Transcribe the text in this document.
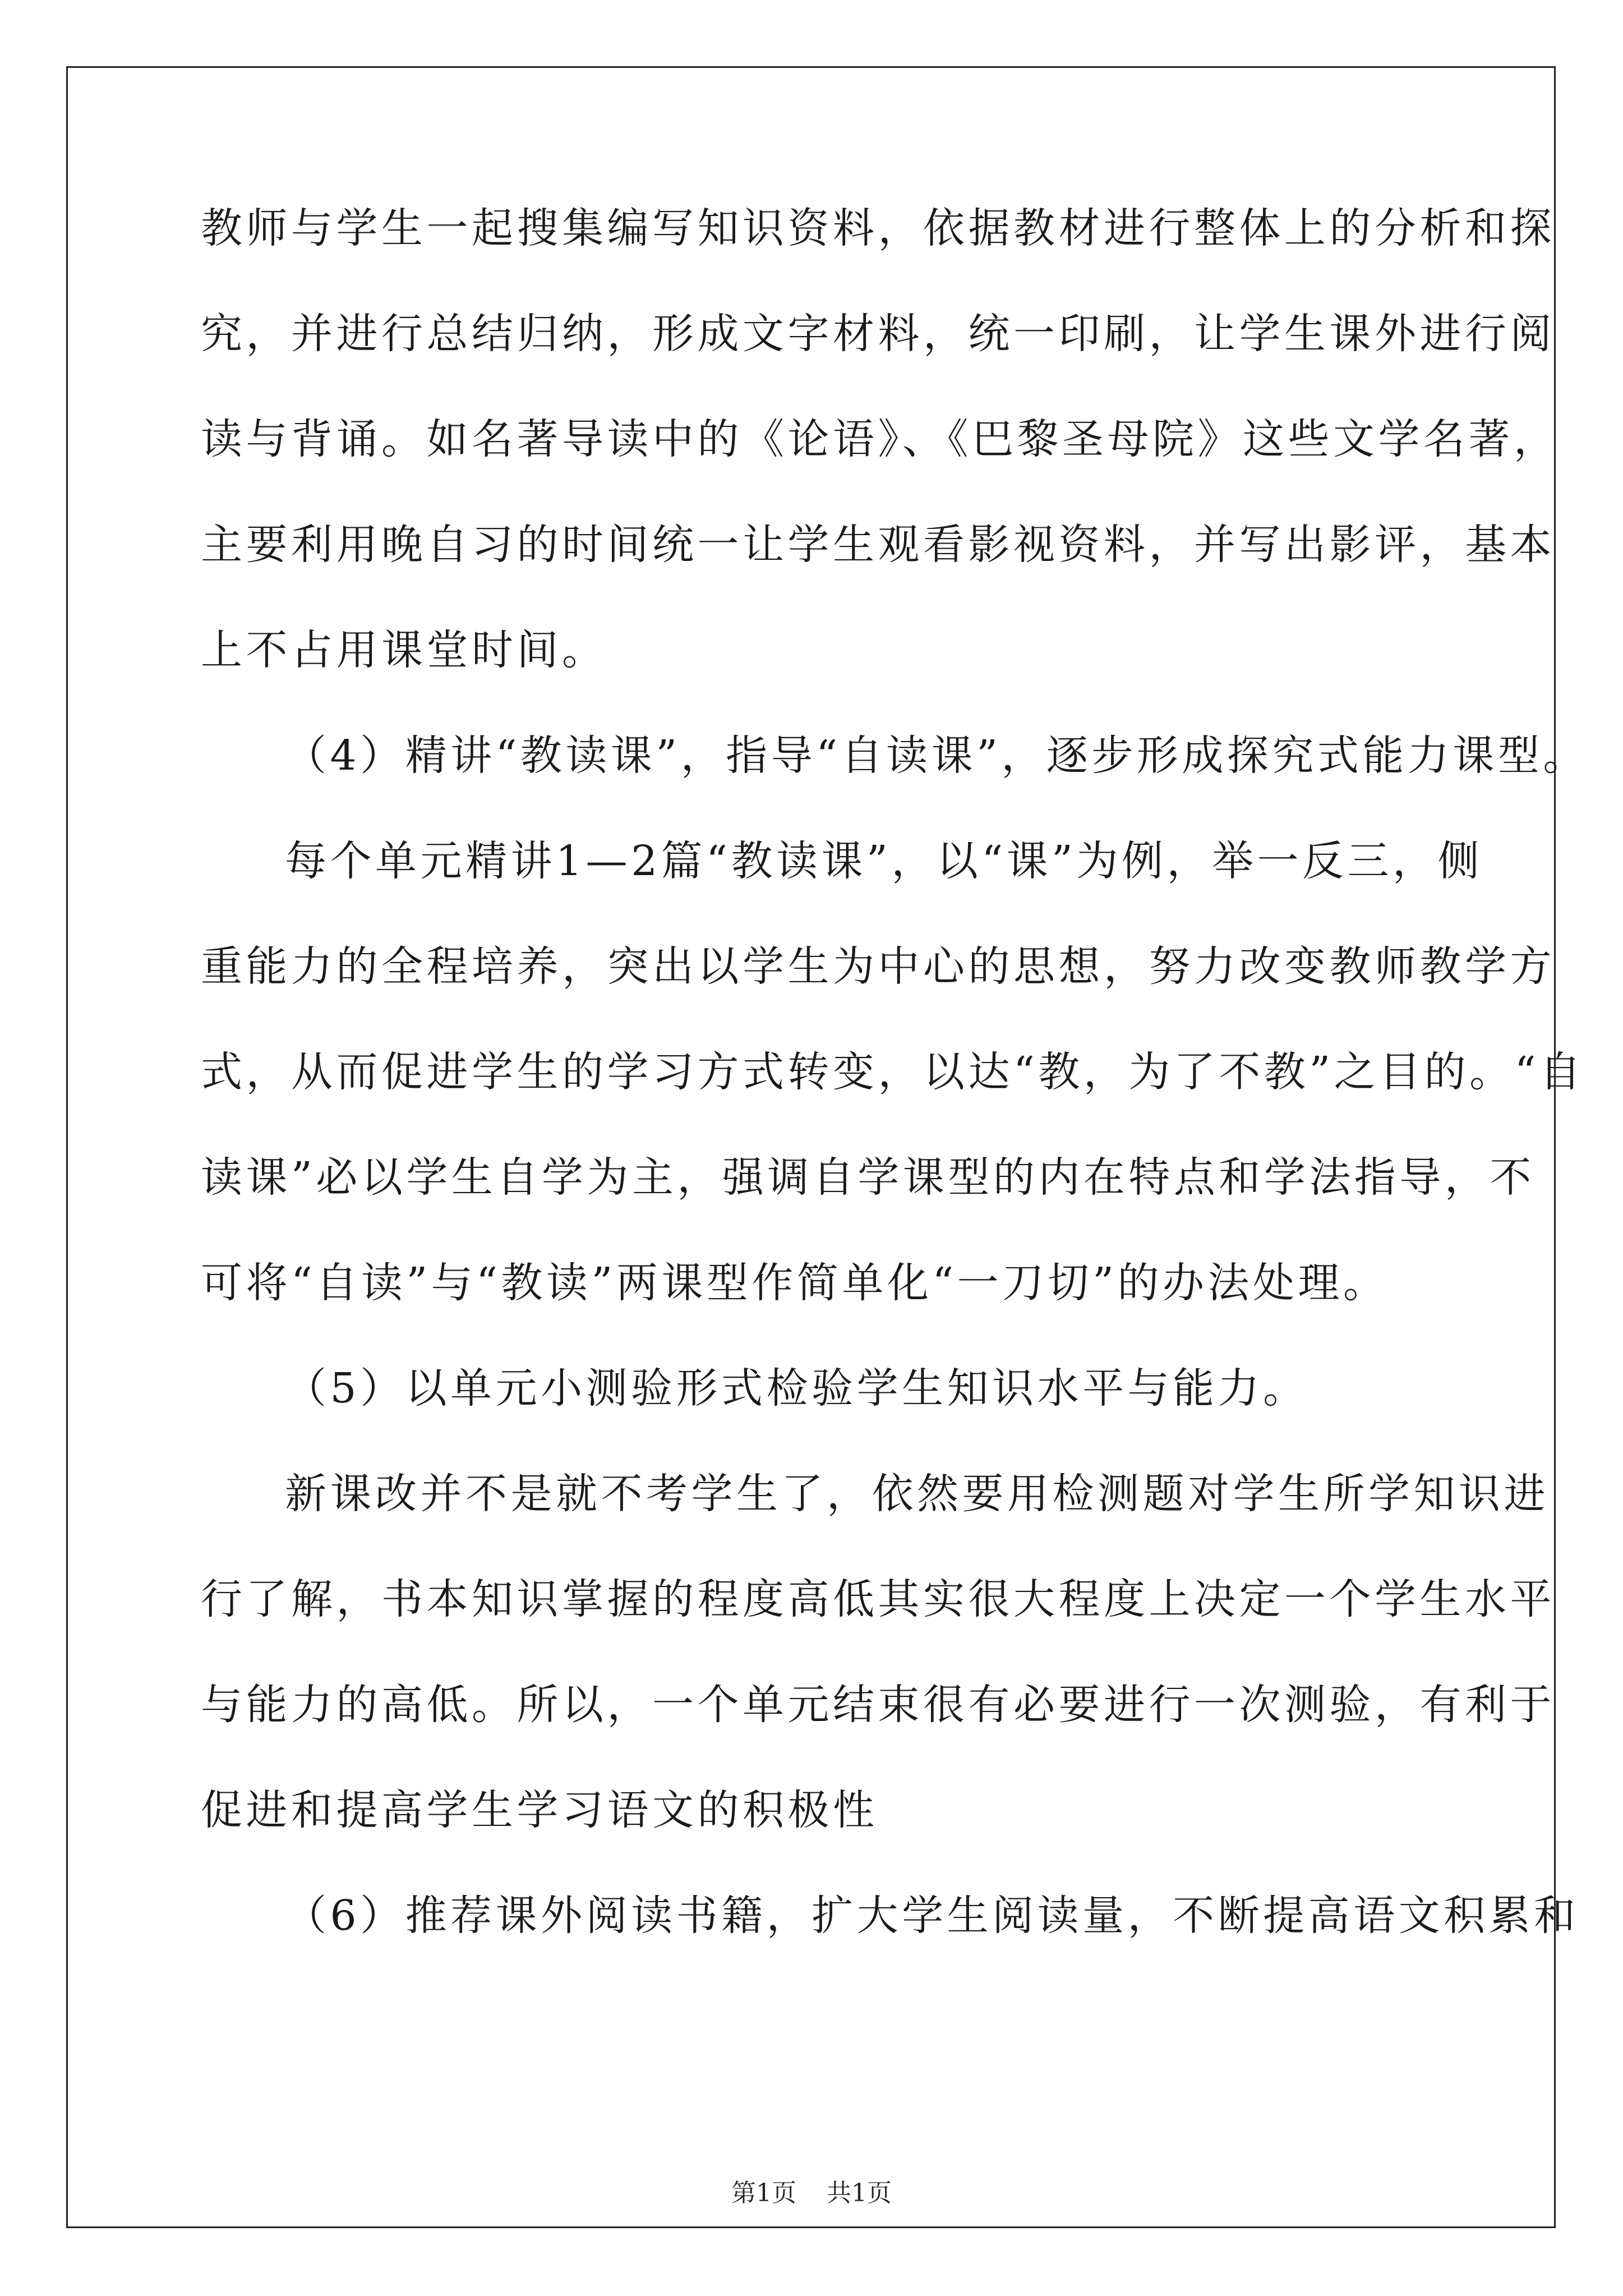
教师与学生一起搜集编写知识资料，依据教材进行整体上的分析和探
究，并进行总结归纳，形成文字材料，统一印刷，让学生课外进行阅
读与背诵。如名著导读中的《论语》、《巴黎圣母院》这些文学名著，
主要利用晚自习的时间统一让学生观看影视资料，并写出影评，基本
上不占用课堂时间。
（4）精讲“教读课”，指导“自读课”，逐步形成探究式能力课型。
每个单元精讲1—2篇“教读课”，以“课”为例，举一反三，侧
重能力的全程培养，突出以学生为中心的思想，努力改变教师教学方
式，从而促进学生的学习方式转变，以达“教，为了不教”之目的。“自
读课”必以学生自学为主，强调自学课型的内在特点和学法指导，不
可将“自读”与“教读”两课型作简单化“一刀切”的办法处理。
（5）以单元小测验形式检验学生知识水平与能力。
新课改并不是就不考学生了，依然要用检测题对学生所学知识进
行了解，书本知识掌握的程度高低其实很大程度上决定一个学生水平
与能力的高低。所以，一个单元结束很有必要进行一次测验，有利于
促进和提高学生学习语文的积极性
（6）推荐课外阅读书籍，扩大学生阅读量，不断提高语文积累和
第1页 共1页
